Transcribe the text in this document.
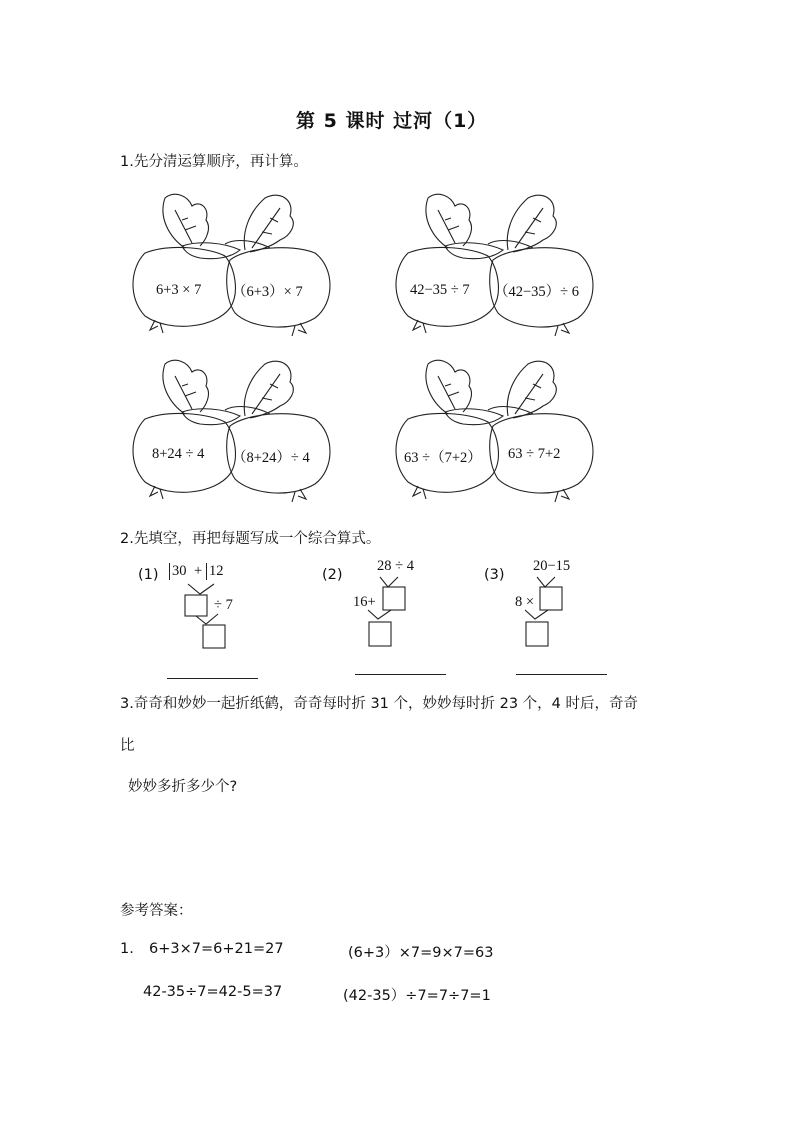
第 5 课时 过河（1）
1.先分清运算顺序，再计算。
6+3 × 7 （6+3）× 7	42−35 ÷ 7 （42−35）÷ 6
8+24 ÷ 4 （8+24）÷ 4	63 ÷（7+2） 63 ÷ 7+2
2.先填空，再把每题写成一个综合算式。
(1) 30 + 12
÷ 7
(2)
28 ÷ 4
16+
(3)
20−15
8 ×
3.奇奇和妙妙一起折纸鹤，奇奇每时折 31 个，妙妙每时折 23 个，4 时后，奇奇
比
妙妙多折多少个?
参考答案：
1. 6+3×7=6+21=27	(6+3）×7=9×7=63
42-35÷7=42-5=37	(42-35）÷7=7÷7=1
